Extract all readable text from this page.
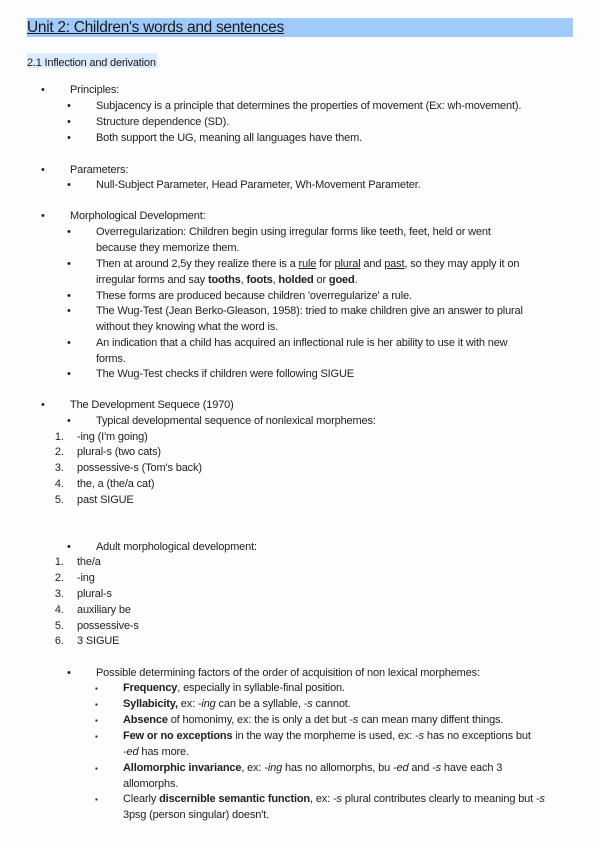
Unit 2: Children's words and sentences
2.1 Inflection and derivation
• Principles:
• Subjacency is a principle that determines the properties of movement (Ex: wh-movement).
• Structure dependence (SD).
• Both support the UG, meaning all languages have them.
• Parameters:
• Null-Subject Parameter, Head Parameter, Wh-Movement Parameter.
• Morphological Development:
• Overregularization: Children begin using irregular forms like teeth, feet, held or went
because they memorize them.
• Then at around 2,5y they realize there is a rule for plural and past, so they may apply it on
irregular forms and say tooths, foots, holded or goed.
• These forms are produced because children 'overregularize' a rule.
• The Wug-Test (Jean Berko-Gleason, 1958): tried to make children give an answer to plural
without they knowing what the word is.
• An indication that a child has acquired an inflectional rule is her ability to use it with new
forms.
• The Wug-Test checks if children were following SIGUE
• The Development Sequece (1970)
• Typical developmental sequence of nonlexical morphemes:
1. -ing (I'm going)
2. plural-s (two cats)
3. possessive-s (Tom's back)
4. the, a (the/a cat)
5. past SIGUE
• Adult morphological development:
1. the/a
2. -ing
3. plural-s
4. auxiliary be
5. possessive-s
6. 3 SIGUE
• Possible determining factors of the order of acquisition of non lexical morphemes:
▪ Frequency, especially in syllable-final position.
▪ Syllabicity, ex: -ing can be a syllable, -s cannot.
▪ Absence of homonimy, ex: the is only a det but -s can mean many diffent things.
▪ Few or no exceptions in the way the morpheme is used, ex: -s has no exceptions but
-ed has more.
▪ Allomorphic invariance, ex: -ing has no allomorphs, bu -ed and -s have each 3
allomorphs.
▪ Clearly discernible semantic function, ex: -s plural contributes clearly to meaning but -s
3psg (person singular) doesn't.
